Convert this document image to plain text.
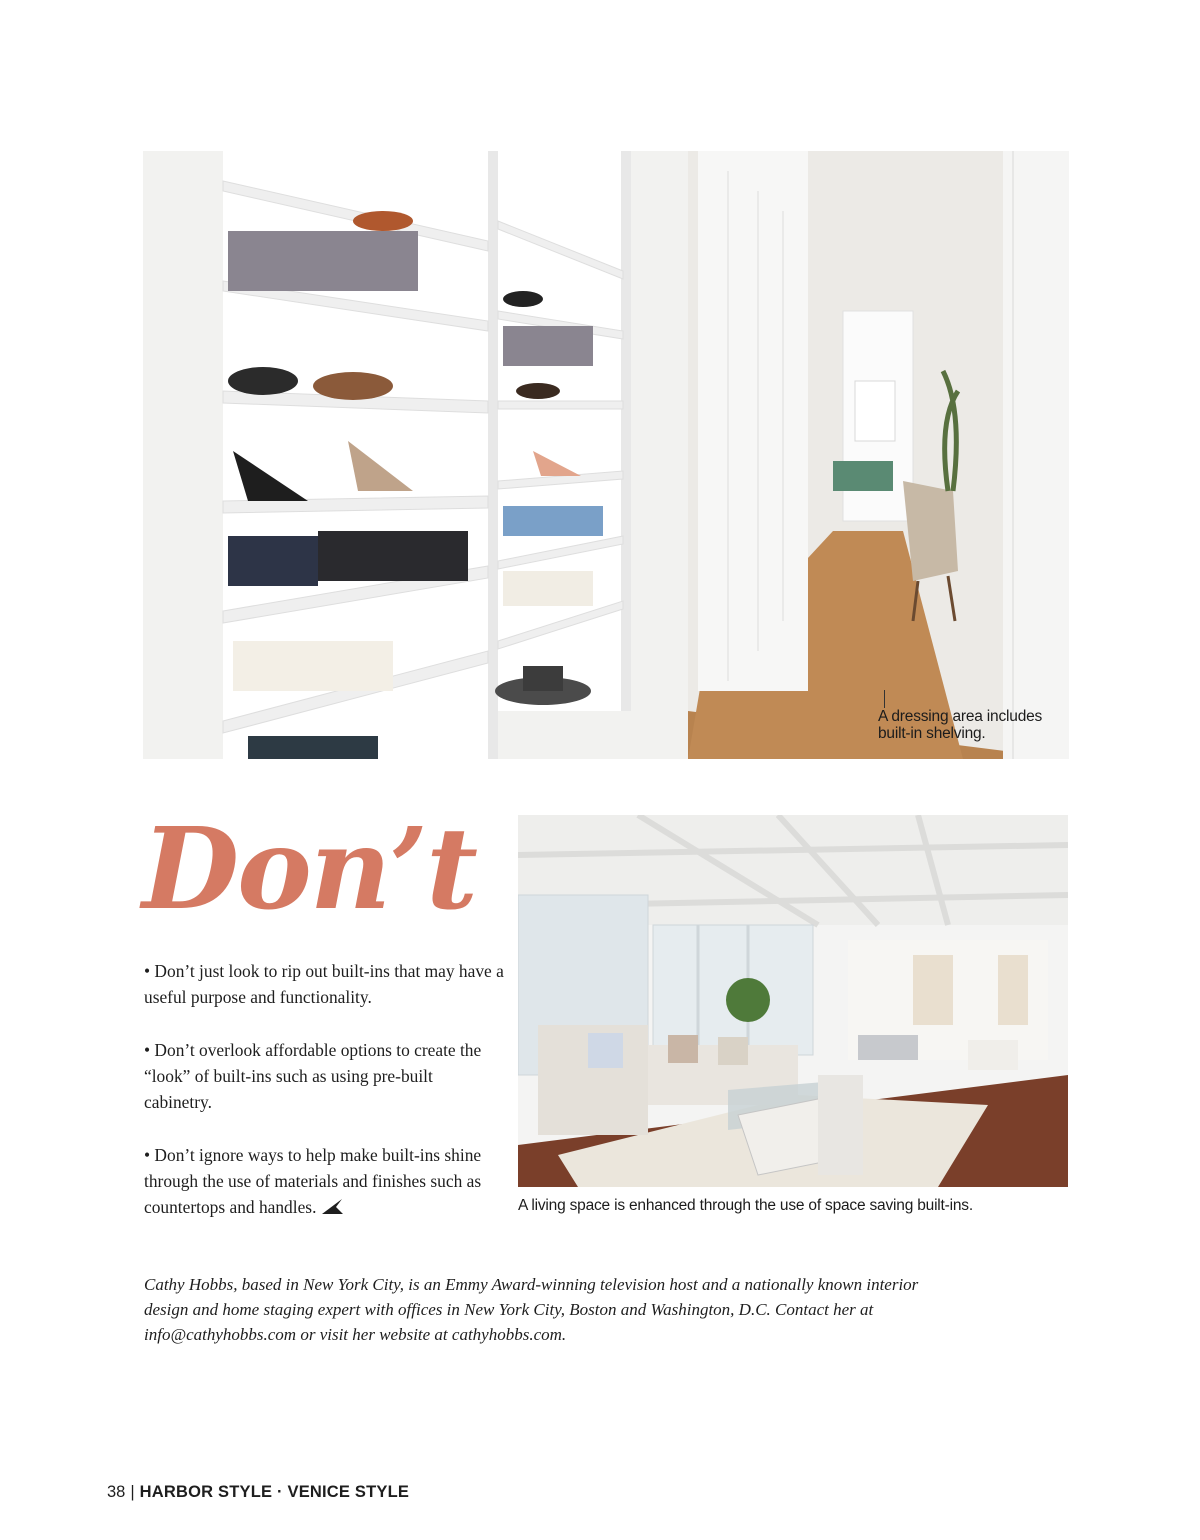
A dressing area includes built-in shelving.
Don’t
A living space is enhanced through the use of space saving built-ins.

• Don’t just look to rip out built-ins that may have a useful purpose and functionality.

• Don’t overlook affordable options to create the “look” of built-ins such as using pre-built cabinetry.

• Don’t ignore ways to help make built-ins shine through the use of materials and finishes such as countertops and handles.

Cathy Hobbs, based in New York City, is an Emmy Award-winning television host and a nationally known interior design and home staging expert with offices in New York City, Boston and Washington, D.C. Contact her at info@cathyhobbs.com or visit her website at cathyhobbs.com.
38 | HARBOR STYLE · VENICE STYLE
